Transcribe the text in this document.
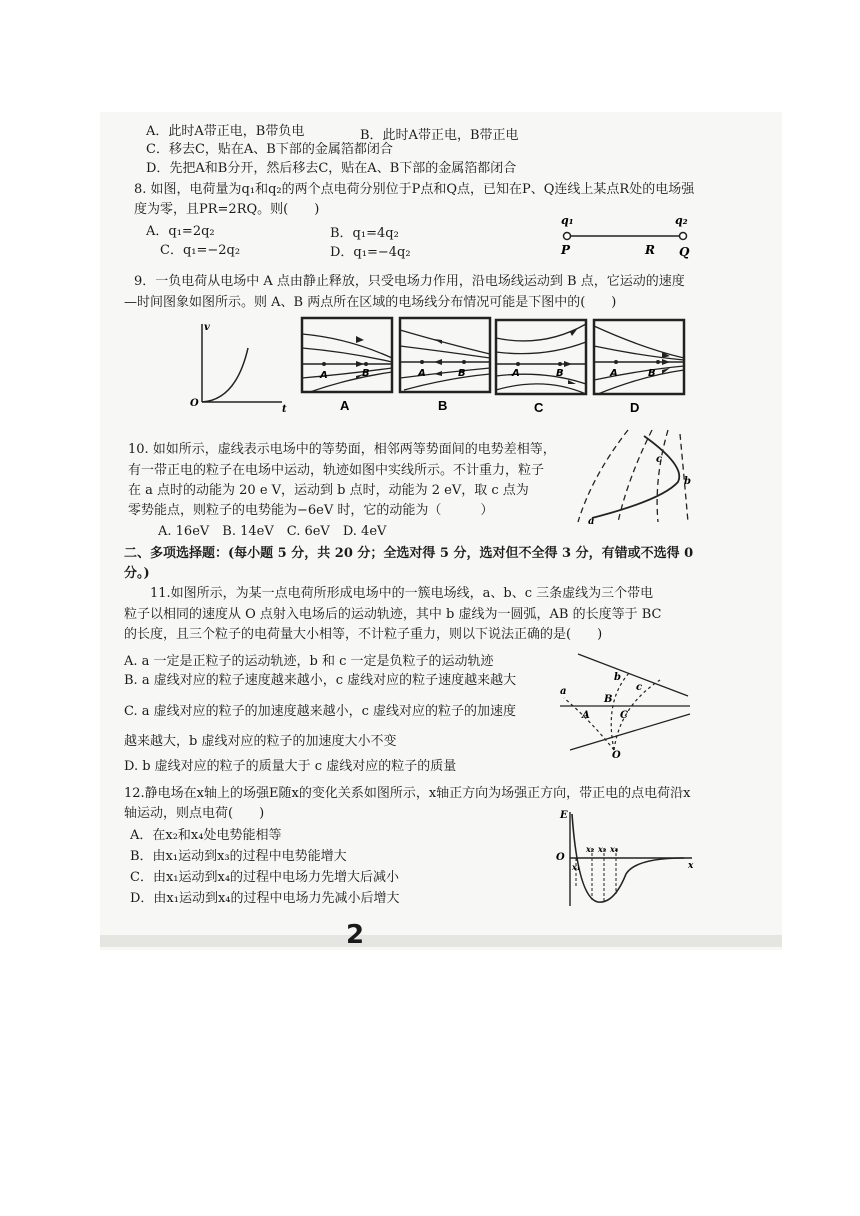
A．此时A带正电，B带负电	B．此时A带正电，B带正电
C．移去C，贴在A、B下部的金属箔都闭合
D．先把A和B分开，然后移去C，贴在A、B下部的金属箔都闭合
8. 如图，电荷量为q₁和q₂的两个点电荷分别位于P点和Q点，已知在P、Q连线上某点R处的电场强
度为零，且PR=2RQ。则(　　)
A．q₁=2q₂	B．q₁=4q₂
C．q₁=−2q₂	D．q₁=−4q₂
q₁	q₂
P	R Q
9．一负电荷从电场中 A 点由静止释放，只受电场力作用，沿电场线运动到 B 点，它运动的速度
—时间图象如图所示。则 A、B 两点所在区域的电场线分布情况可能是下图中的(　　)
v
O
t
A	B
A
A	B
B
A	B
C
A	B
D
10. 如如所示，虚线表示电场中的等势面，相邻两等势面间的电势差相等，
有一带正电的粒子在电场中运动，轨迹如图中实线所示。不计重力，粒子
在 a 点时的动能为 20 e V，运动到 b 点时，动能为 2 eV，取 c 点为
零势能点，则粒子的电势能为−6eV 时，它的动能为（　　　）
A. 16eV　B. 14eV　C. 6eV　D. 4eV
a
b
c
二、多项选择题：(每小题 5 分，共 20 分；全选对得 5 分，选对但不全得 3 分，有错或不选得 0
分。)
11.如图所示，为某一点电荷所形成电场中的一簇电场线，a、b、c 三条虚线为三个带电
粒子以相同的速度从 O 点射入电场后的运动轨迹，其中 b 虚线为一圆弧，AB 的长度等于 BC
的长度，且三个粒子的电荷量大小相等，不计粒子重力，则以下说法正确的是(　　)
A. a 一定是正粒子的运动轨迹，b 和 c 一定是负粒子的运动轨迹
B. a 虚线对应的粒子速度越来越小，c 虚线对应的粒子速度越来越大
C. a 虚线对应的粒子的加速度越来越小，c 虚线对应的粒子的加速度
越来越大，b 虚线对应的粒子的加速度大小不变
D. b 虚线对应的粒子的质量大于 c 虚线对应的粒子的质量
a
b
c
A
B
C
O
12.静电场在x轴上的场强E随x的变化关系如图所示，x轴正方向为场强正方向，带正电的点电荷沿x
轴运动，则点电荷(　　)
A．在x₂和x₄处电势能相等
B．由x₁运动到x₃的过程中电势能增大
C．由x₁运动到x₄的过程中电场力先增大后减小
D．由x₁运动到x₄的过程中电场力先减小后增大
E
O
x
x₁
x₂ x₃ x₄
2
